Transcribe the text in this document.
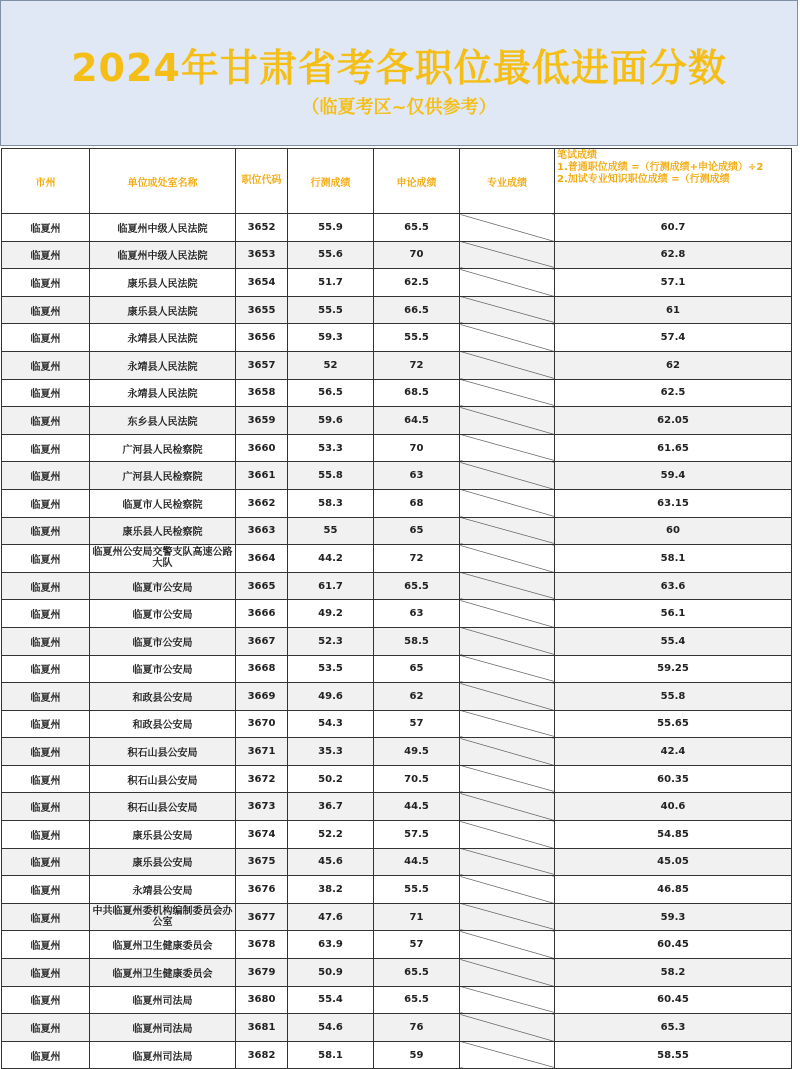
2024年甘肃省考各职位最低进面分数
（临夏考区~仅供参考）
市州	单位或处室名称	职位代码	行测成绩	申论成绩	专业成绩	笔试成绩
1.普通职位成绩 =（行测成绩+申论成绩）÷2
2.加试专业知识职位成绩 =（行测成绩
临夏州	临夏州中级人民法院	3652	55.9	65.5		60.7
临夏州	临夏州中级人民法院	3653	55.6	70		62.8
临夏州	康乐县人民法院	3654	51.7	62.5		57.1
临夏州	康乐县人民法院	3655	55.5	66.5		61
临夏州	永靖县人民法院	3656	59.3	55.5		57.4
临夏州	永靖县人民法院	3657	52	72		62
临夏州	永靖县人民法院	3658	56.5	68.5		62.5
临夏州	东乡县人民法院	3659	59.6	64.5		62.05
临夏州	广河县人民检察院	3660	53.3	70		61.65
临夏州	广河县人民检察院	3661	55.8	63		59.4
临夏州	临夏市人民检察院	3662	58.3	68		63.15
临夏州	康乐县人民检察院	3663	55	65		60
临夏州	临夏州公安局交警支队高速公路大队	3664	44.2	72		58.1
临夏州	临夏市公安局	3665	61.7	65.5		63.6
临夏州	临夏市公安局	3666	49.2	63		56.1
临夏州	临夏市公安局	3667	52.3	58.5		55.4
临夏州	临夏市公安局	3668	53.5	65		59.25
临夏州	和政县公安局	3669	49.6	62		55.8
临夏州	和政县公安局	3670	54.3	57		55.65
临夏州	积石山县公安局	3671	35.3	49.5		42.4
临夏州	积石山县公安局	3672	50.2	70.5		60.35
临夏州	积石山县公安局	3673	36.7	44.5		40.6
临夏州	康乐县公安局	3674	52.2	57.5		54.85
临夏州	康乐县公安局	3675	45.6	44.5		45.05
临夏州	永靖县公安局	3676	38.2	55.5		46.85
临夏州	中共临夏州委机构编制委员会办公室	3677	47.6	71		59.3
临夏州	临夏州卫生健康委员会	3678	63.9	57		60.45
临夏州	临夏州卫生健康委员会	3679	50.9	65.5		58.2
临夏州	临夏州司法局	3680	55.4	65.5		60.45
临夏州	临夏州司法局	3681	54.6	76		65.3
临夏州	临夏州司法局	3682	58.1	59		58.55
